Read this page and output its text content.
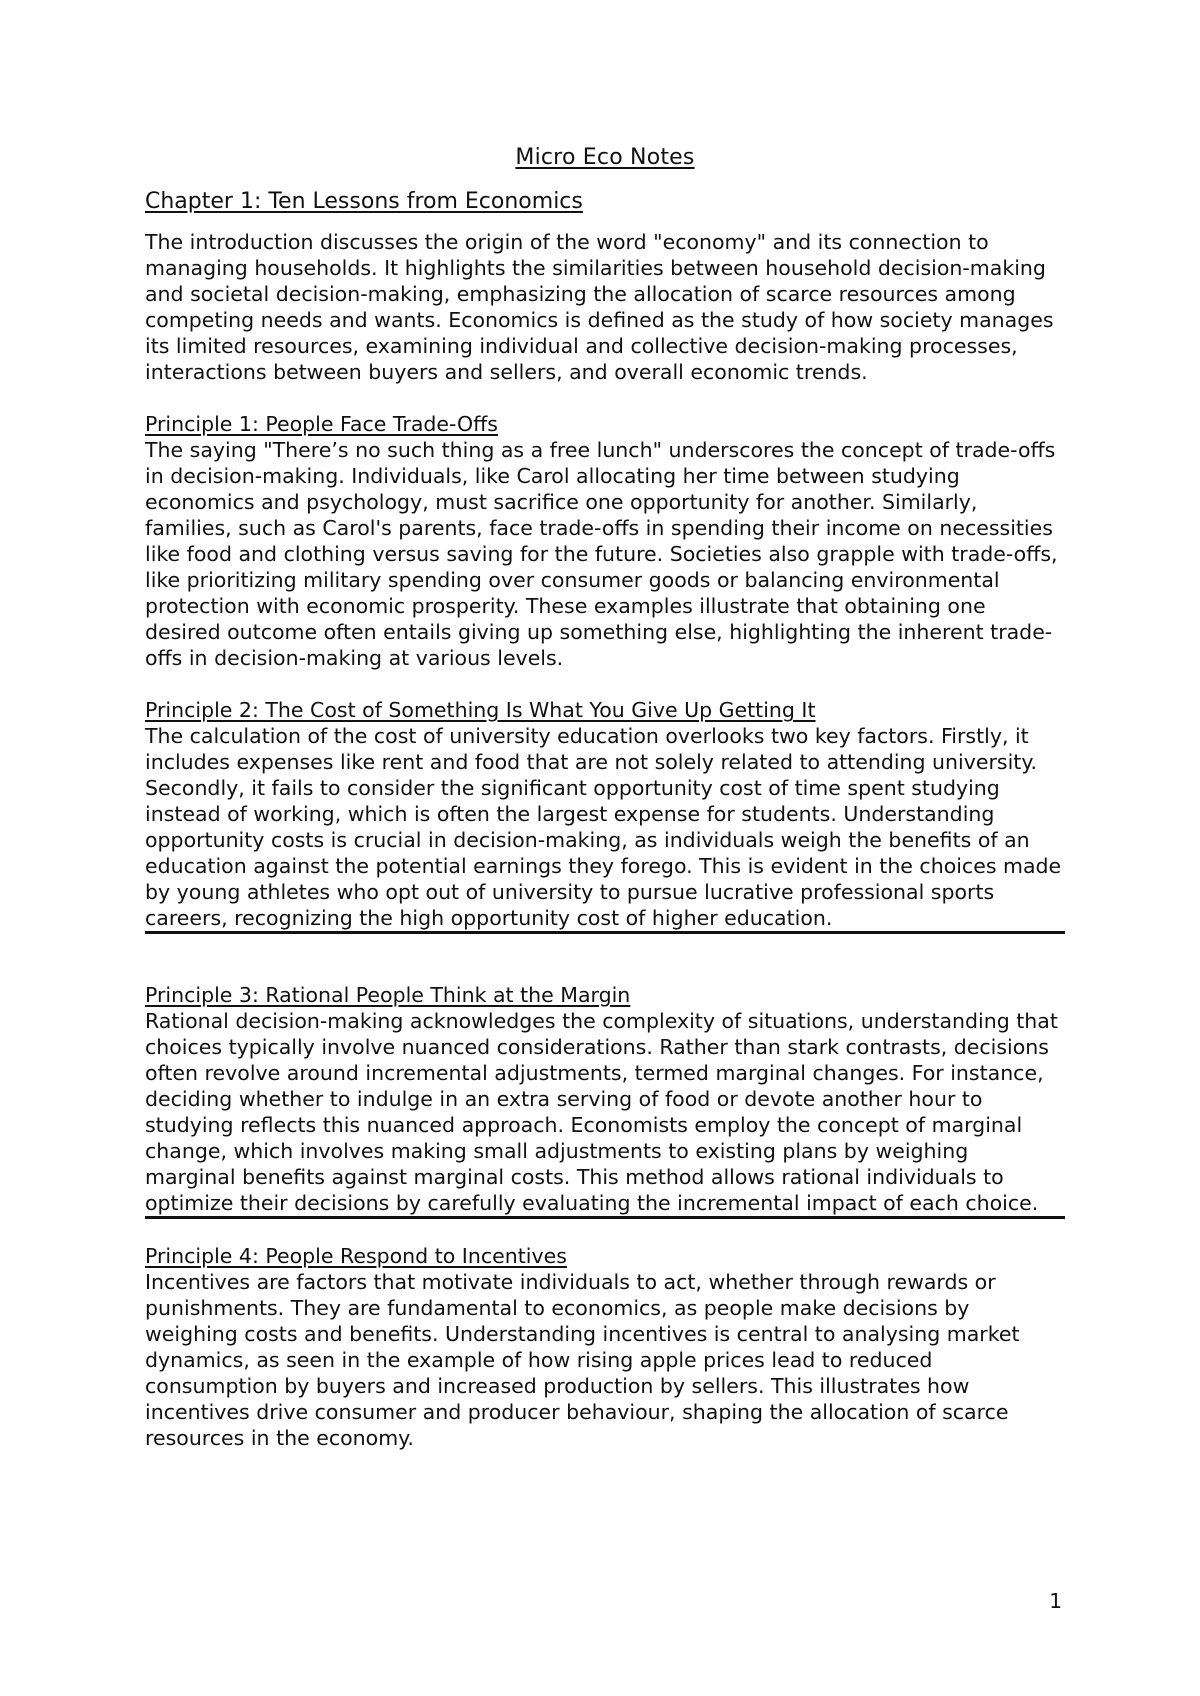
Micro Eco Notes
Chapter 1: Ten Lessons from Economics

The introduction discusses the origin of the word "economy" and its connection to managing households. It highlights the similarities between household decision-making and societal decision-making, emphasizing the allocation of scarce resources among competing needs and wants. Economics is defined as the study of how society manages its limited resources, examining individual and collective decision-making processes, interactions between buyers and sellers, and overall economic trends.

Principle 1: People Face Trade-Offs

The saying "There’s no such thing as a free lunch" underscores the concept of trade-offs in decision-making. Individuals, like Carol allocating her time between studying economics and psychology, must sacrifice one opportunity for another. Similarly, families, such as Carol's parents, face trade-offs in spending their income on necessities like food and clothing versus saving for the future. Societies also grapple with trade-offs, like prioritizing military spending over consumer goods or balancing environmental protection with economic prosperity. These examples illustrate that obtaining one desired outcome often entails giving up something else, highlighting the inherent trade-offs in decision-making at various levels.

Principle 2: The Cost of Something Is What You Give Up Getting It

The calculation of the cost of university education overlooks two key factors. Firstly, it includes expenses like rent and food that are not solely related to attending university. Secondly, it fails to consider the significant opportunity cost of time spent studying instead of working, which is often the largest expense for students. Understanding opportunity costs is crucial in decision-making, as individuals weigh the benefits of an education against the potential earnings they forego. This is evident in the choices made by young athletes who opt out of university to pursue lucrative professional sports careers, recognizing the high opportunity cost of higher education.

Principle 3: Rational People Think at the Margin

Rational decision-making acknowledges the complexity of situations, understanding that choices typically involve nuanced considerations. Rather than stark contrasts, decisions often revolve around incremental adjustments, termed marginal changes. For instance, deciding whether to indulge in an extra serving of food or devote another hour to studying reflects this nuanced approach. Economists employ the concept of marginal change, which involves making small adjustments to existing plans by weighing marginal benefits against marginal costs. This method allows rational individuals to optimize their decisions by carefully evaluating the incremental impact of each choice.

Principle 4: People Respond to Incentives

Incentives are factors that motivate individuals to act, whether through rewards or punishments. They are fundamental to economics, as people make decisions by weighing costs and benefits. Understanding incentives is central to analysing market dynamics, as seen in the example of how rising apple prices lead to reduced consumption by buyers and increased production by sellers. This illustrates how incentives drive consumer and producer behaviour, shaping the allocation of scarce resources in the economy.

1
